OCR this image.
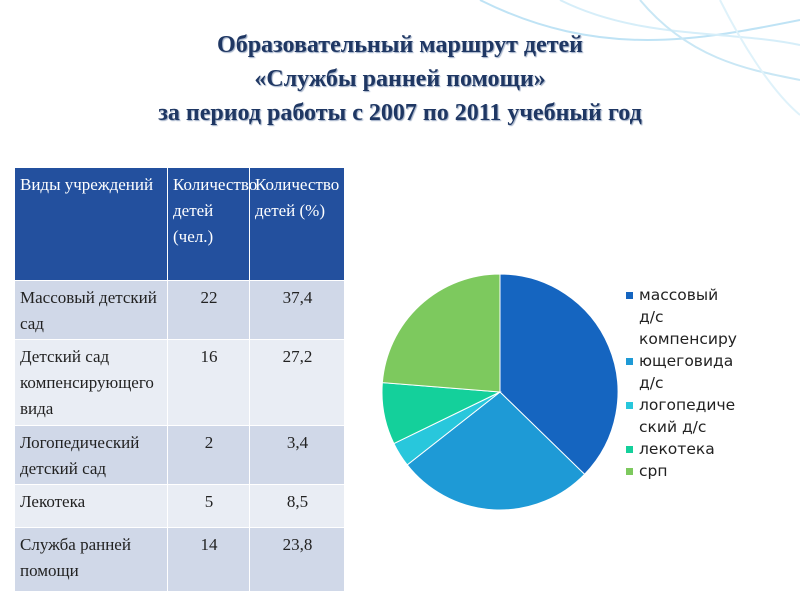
Образовательный маршрут детей
«Службы ранней помощи»
за период работы с 2007 по 2011 учебный год
Виды учреждений	Количество детей (чел.)	Количество детей (%)
Массовый детский сад	22	37,4
Детский сад компенсирующего вида	16	27,2
Логопедический детский сад	2	3,4
Лекотека	5	8,5
Служба ранней помощи	14	23,8
массовый
д/с
компенсиру
ющеговида
д/с
логопедиче
ский д/с
лекотека
срп
